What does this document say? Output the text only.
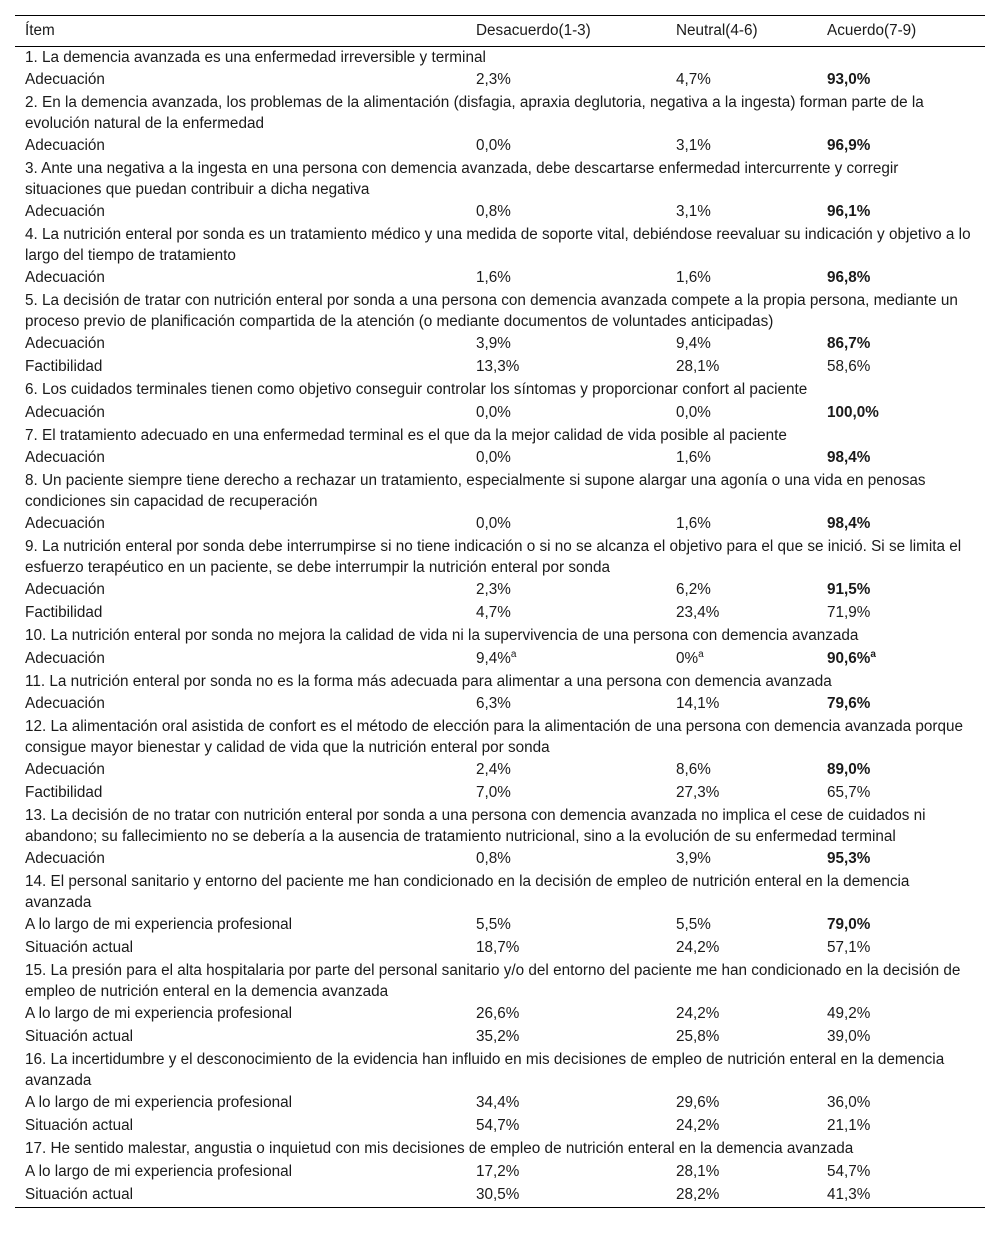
Ítem	Desacuerdo(1-3)	Neutral(4-6)	Acuerdo(7-9)
1. La demencia avanzada es una enfermedad irreversible y terminal			
Adecuación	2,3%	4,7%	93,0%
2. En la demencia avanzada, los problemas de la alimentación (disfagia, apraxia deglutoria, negativa a la ingesta) forman parte de la evolución natural de la enfermedad			
Adecuación	0,0%	3,1%	96,9%
3. Ante una negativa a la ingesta en una persona con demencia avanzada, debe descartarse enfermedad intercurrente y corregir situaciones que puedan contribuir a dicha negativa			
Adecuación	0,8%	3,1%	96,1%
4. La nutrición enteral por sonda es un tratamiento médico y una medida de soporte vital, debiéndose reevaluar su indicación y objetivo a lo largo del tiempo de tratamiento			
Adecuación	1,6%	1,6%	96,8%
5. La decisión de tratar con nutrición enteral por sonda a una persona con demencia avanzada compete a la propia persona, mediante un proceso previo de planificación compartida de la atención (o mediante documentos de voluntades anticipadas)			
Adecuación	3,9%	9,4%	86,7%
Factibilidad	13,3%	28,1%	58,6%
6. Los cuidados terminales tienen como objetivo conseguir controlar los síntomas y proporcionar confort al paciente			
Adecuación	0,0%	0,0%	100,0%
7. El tratamiento adecuado en una enfermedad terminal es el que da la mejor calidad de vida posible al paciente			
Adecuación	0,0%	1,6%	98,4%
8. Un paciente siempre tiene derecho a rechazar un tratamiento, especialmente si supone alargar una agonía o una vida en penosas condiciones sin capacidad de recuperación			
Adecuación	0,0%	1,6%	98,4%
9. La nutrición enteral por sonda debe interrumpirse si no tiene indicación o si no se alcanza el objetivo para el que se inició. Si se limita el esfuerzo terapéutico en un paciente, se debe interrumpir la nutrición enteral por sonda			
Adecuación	2,3%	6,2%	91,5%
Factibilidad	4,7%	23,4%	71,9%
10. La nutrición enteral por sonda no mejora la calidad de vida ni la supervivencia de una persona con demencia avanzada			
Adecuación	9,4%$^a$	0%$^a$	90,6%$^a$
11. La nutrición enteral por sonda no es la forma más adecuada para alimentar a una persona con demencia avanzada			
Adecuación	6,3%	14,1%	79,6%
12. La alimentación oral asistida de confort es el método de elección para la alimentación de una persona con demencia avanzada porque consigue mayor bienestar y calidad de vida que la nutrición enteral por sonda			
Adecuación	2,4%	8,6%	89,0%
Factibilidad	7,0%	27,3%	65,7%
13. La decisión de no tratar con nutrición enteral por sonda a una persona con demencia avanzada no implica el cese de cuidados ni abandono; su fallecimiento no se debería a la ausencia de tratamiento nutricional, sino a la evolución de su enfermedad terminal			
Adecuación	0,8%	3,9%	95,3%
14. El personal sanitario y entorno del paciente me han condicionado en la decisión de empleo de nutrición enteral en la demencia avanzada			
A lo largo de mi experiencia profesional	5,5%	5,5%	79,0%
Situación actual	18,7%	24,2%	57,1%
15. La presión para el alta hospitalaria por parte del personal sanitario y/o del entorno del paciente me han condicionado en la decisión de empleo de nutrición enteral en la demencia avanzada			
A lo largo de mi experiencia profesional	26,6%	24,2%	49,2%
Situación actual	35,2%	25,8%	39,0%
16. La incertidumbre y el desconocimiento de la evidencia han influido en mis decisiones de empleo de nutrición enteral en la demencia avanzada			
A lo largo de mi experiencia profesional	34,4%	29,6%	36,0%
Situación actual	54,7%	24,2%	21,1%
17. He sentido malestar, angustia o inquietud con mis decisiones de empleo de nutrición enteral en la demencia avanzada			
A lo largo de mi experiencia profesional	17,2%	28,1%	54,7%
Situación actual	30,5%	28,2%	41,3%
